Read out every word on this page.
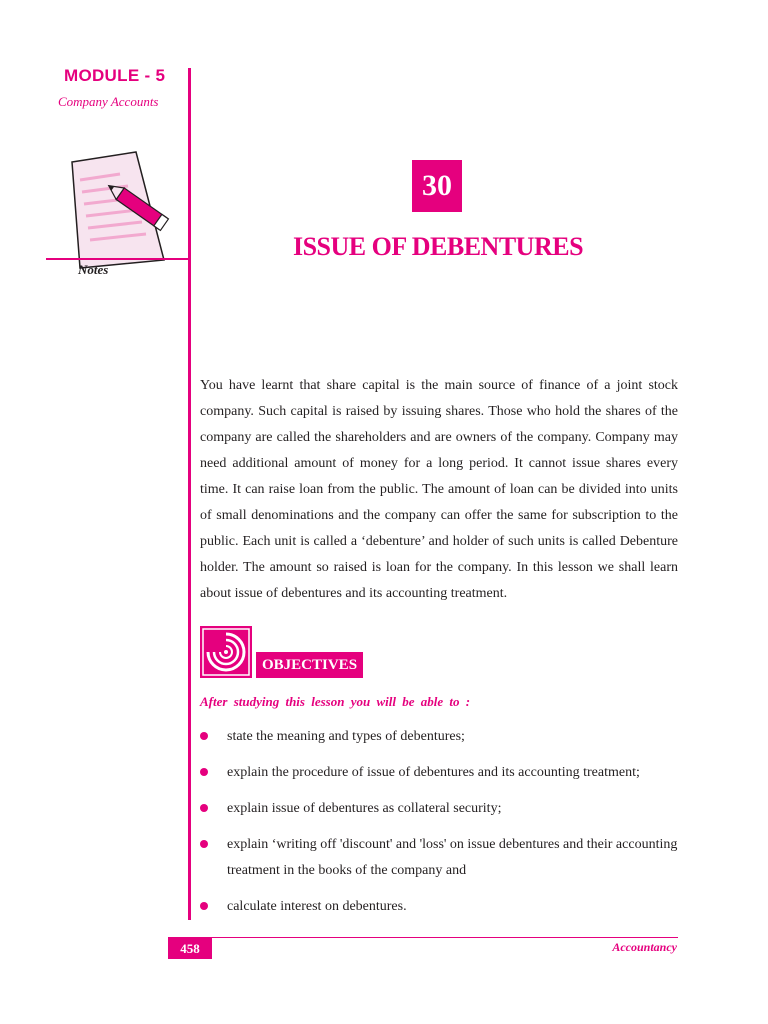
MODULE - 5
Company Accounts
Notes
30
ISSUE OF DEBENTURES

You have learnt that share capital is the main source of finance of a joint stock company. Such capital is raised by issuing shares. Those who hold the shares of the company are called the shareholders and are owners of the company. Company may need additional amount of money for a long period. It cannot issue shares every time. It can raise loan from the public. The amount of loan can be divided into units of small denominations and the company can offer the same for subscription to the public. Each unit is called a ‘debenture’ and holder of such units is called Debenture holder. The amount so raised is loan for the company. In this lesson we shall learn about issue of debentures and its accounting treatment.

OBJECTIVES
After studying this lesson you will be able to :
state the meaning and types of debentures;
explain the procedure of issue of debentures and its accounting treatment;
explain issue of debentures as collateral security;
explain ‘writing off 'discount' and 'loss' on issue debentures and their accounting treatment in the books of the company and
calculate interest on debentures.
458	Accountancy
